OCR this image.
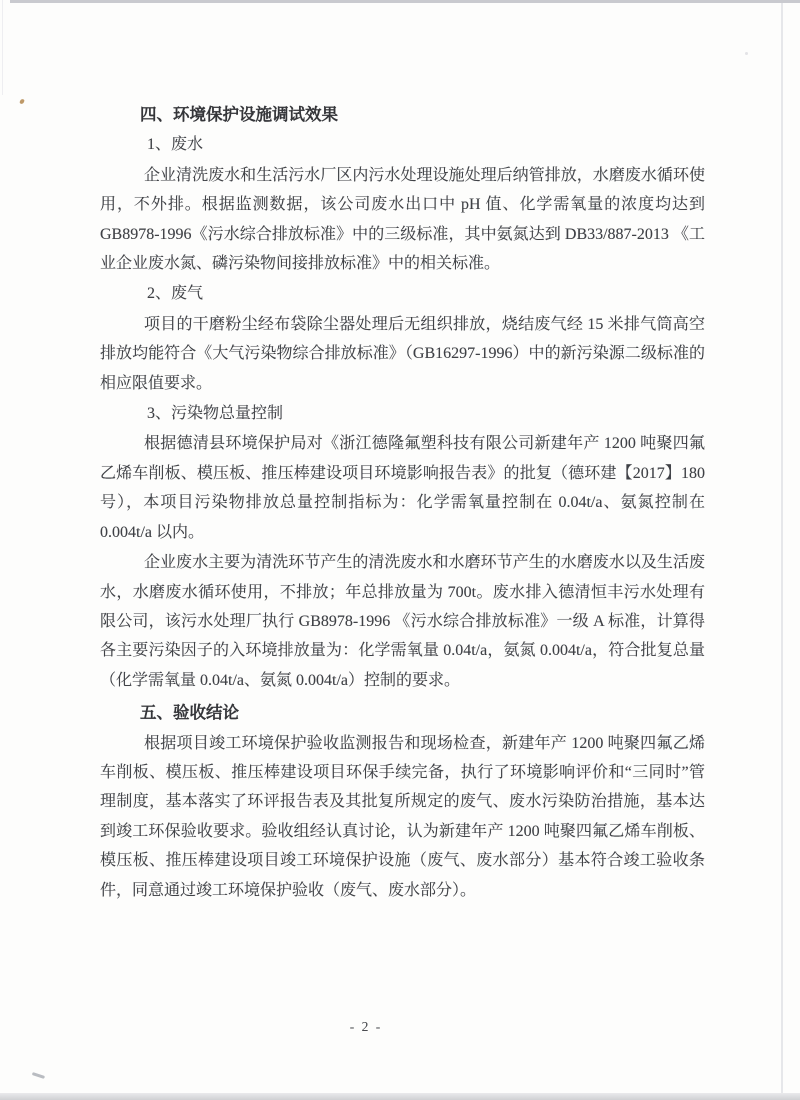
四、环境保护设施调试效果
1、废水
企业清洗废水和生活污水厂区内污水处理设施处理后纳管排放，水磨废水循环使用，不外排。根据监测数据，该公司废水出口中 pH 值、化学需氧量的浓度均达到 GB8978-1996《污水综合排放标准》中的三级标准，其中氨氮达到 DB33/887-2013 《工业企业废水氮、磷污染物间接排放标准》中的相关标准。
2、废气
项目的干磨粉尘经布袋除尘器处理后无组织排放，烧结废气经 15 米排气筒高空排放均能符合《大气污染物综合排放标准》（GB16297-1996）中的新污染源二级标准的相应限值要求。
3、污染物总量控制
根据德清县环境保护局对《浙江德隆氟塑科技有限公司新建年产 1200 吨聚四氟乙烯车削板、模压板、推压棒建设项目环境影响报告表》的批复（德环建【2017】180 号），本项目污染物排放总量控制指标为：化学需氧量控制在 0.04t/a、氨氮控制在 0.004t/a 以内。
企业废水主要为清洗环节产生的清洗废水和水磨环节产生的水磨废水以及生活废水，水磨废水循环使用，不排放；年总排放量为 700t。废水排入德清恒丰污水处理有限公司，该污水处理厂执行 GB8978-1996 《污水综合排放标准》一级 A 标准，计算得各主要污染因子的入环境排放量为：化学需氧量 0.04t/a，氨氮 0.004t/a，符合批复总量（化学需氧量 0.04t/a、氨氮 0.004t/a）控制的要求。
五、验收结论
根据项目竣工环境保护验收监测报告和现场检查，新建年产 1200 吨聚四氟乙烯车削板、模压板、推压棒建设项目环保手续完备，执行了环境影响评价和“三同时”管理制度，基本落实了环评报告表及其批复所规定的废气、废水污染防治措施，基本达到竣工环保验收要求。验收组经认真讨论，认为新建年产 1200 吨聚四氟乙烯车削板、模压板、推压棒建设项目竣工环境保护设施（废气、废水部分）基本符合竣工验收条件，同意通过竣工环境保护验收（废气、废水部分）。
- 2 -
